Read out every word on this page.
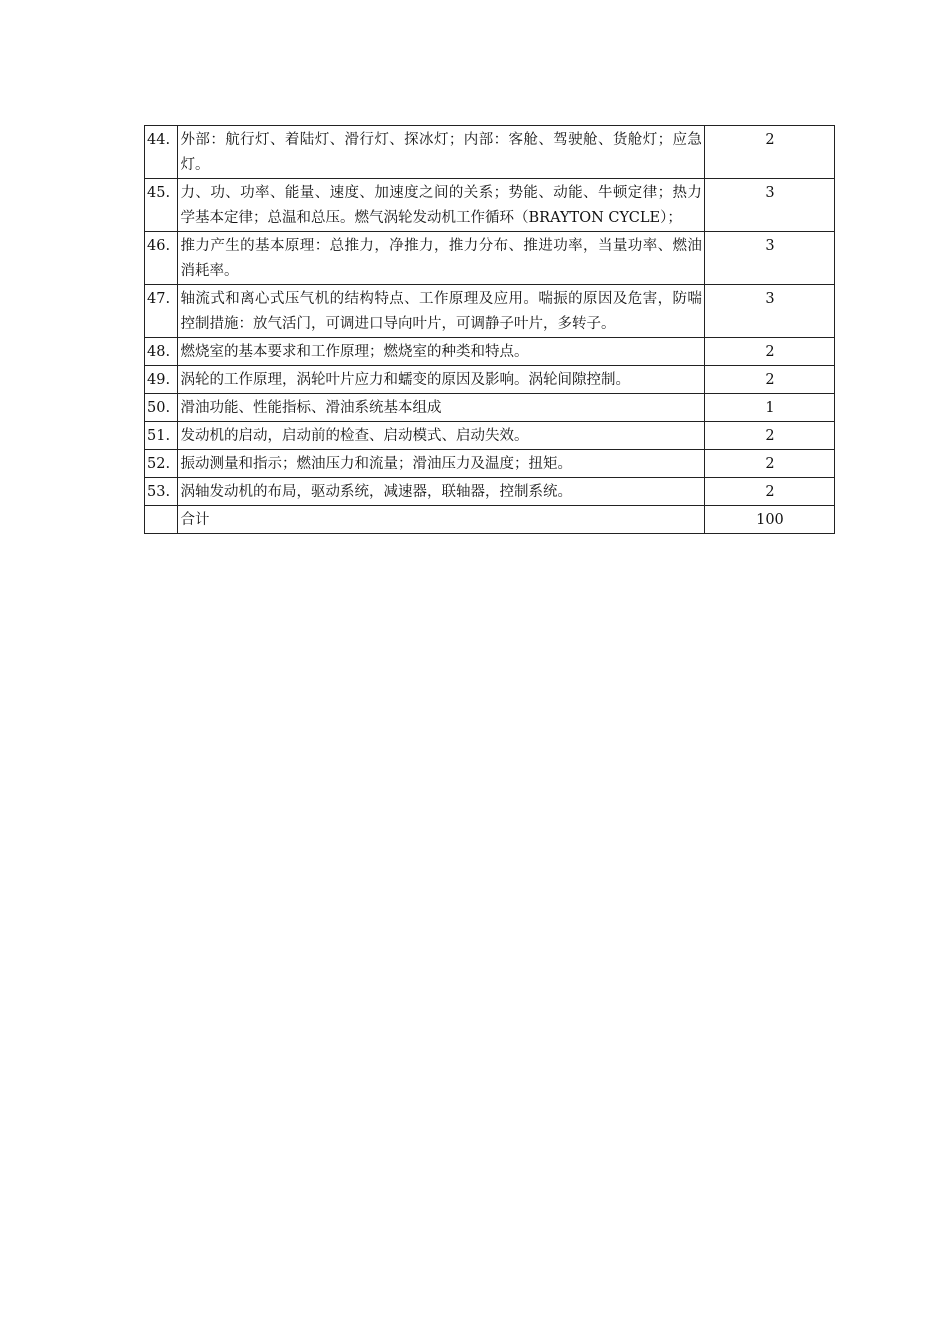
44.	外部：航行灯、着陆灯、滑行灯、探冰灯；内部：客舱、驾驶舱、货舱灯；应急灯。	2
45.	力、功、功率、能量、速度、加速度之间的关系；势能、动能、牛顿定律；热力学基本定律；总温和总压。燃气涡轮发动机工作循环（BRAYTON CYCLE）；	3
46.	推力产生的基本原理：总推力，净推力，推力分布、推进功率，当量功率、燃油消耗率。	3
47.	轴流式和离心式压气机的结构特点、工作原理及应用。喘振的原因及危害，防喘控制措施：放气活门，可调进口导向叶片，可调静子叶片，多转子。	3
48.	燃烧室的基本要求和工作原理；燃烧室的种类和特点。	2
49.	涡轮的工作原理，涡轮叶片应力和蠕变的原因及影响。涡轮间隙控制。	2
50.	滑油功能、性能指标、滑油系统基本组成	1
51.	发动机的启动，启动前的检查、启动模式、启动失效。	2
52.	振动测量和指示；燃油压力和流量；滑油压力及温度；扭矩。	2
53.	涡轴发动机的布局，驱动系统，减速器，联轴器，控制系统。	2
	合计	100
